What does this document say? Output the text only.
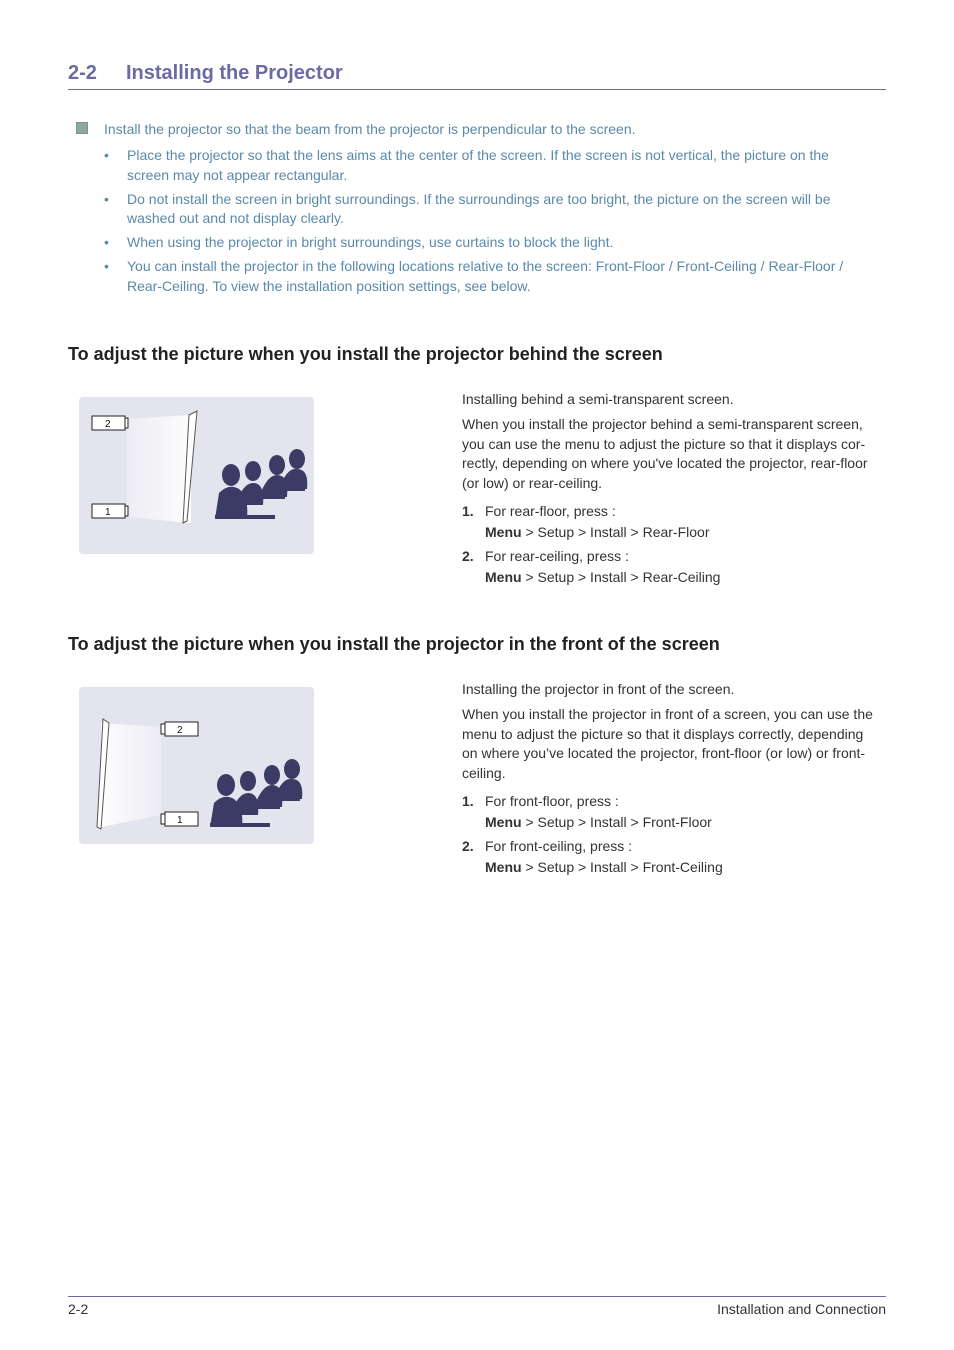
2-2 Installing the Projector
Install the projector so that the beam from the projector is perpendicular to the screen.
• Place the projector so that the lens aims at the center of the screen. If the screen is not vertical, the picture on the screen may not appear rectangular.
• Do not install the screen in bright surroundings. If the surroundings are too bright, the picture on the screen will be washed out and not display clearly.
• When using the projector in bright surroundings, use curtains to block the light.
• You can install the projector in the following locations relative to the screen: Front-Floor / Front-Ceiling / Rear-Floor / Rear-Ceiling. To view the installation position settings, see below.
To adjust the picture when you install the projector behind the screen
2
1
Installing behind a semi-transparent screen.
When you install the projector behind a semi-transparent screen, you can use the menu to adjust the picture so that it displays cor-rectly, depending on where you've located the projector, rear-floor (or low) or rear-ceiling.
1. For rear-floor, press :
Menu > Setup > Install > Rear-Floor
2. For rear-ceiling, press :
Menu > Setup > Install > Rear-Ceiling
To adjust the picture when you install the projector in the front of the screen
2
1
Installing the projector in front of the screen.
When you install the projector in front of a screen, you can use the menu to adjust the picture so that it displays correctly, depending on where you’ve located the projector, front-floor (or low) or front-ceiling.
1. For front-floor, press :
Menu > Setup > Install > Front-Floor
2. For front-ceiling, press :
Menu > Setup > Install > Front-Ceiling
2-2	Installation and Connection
